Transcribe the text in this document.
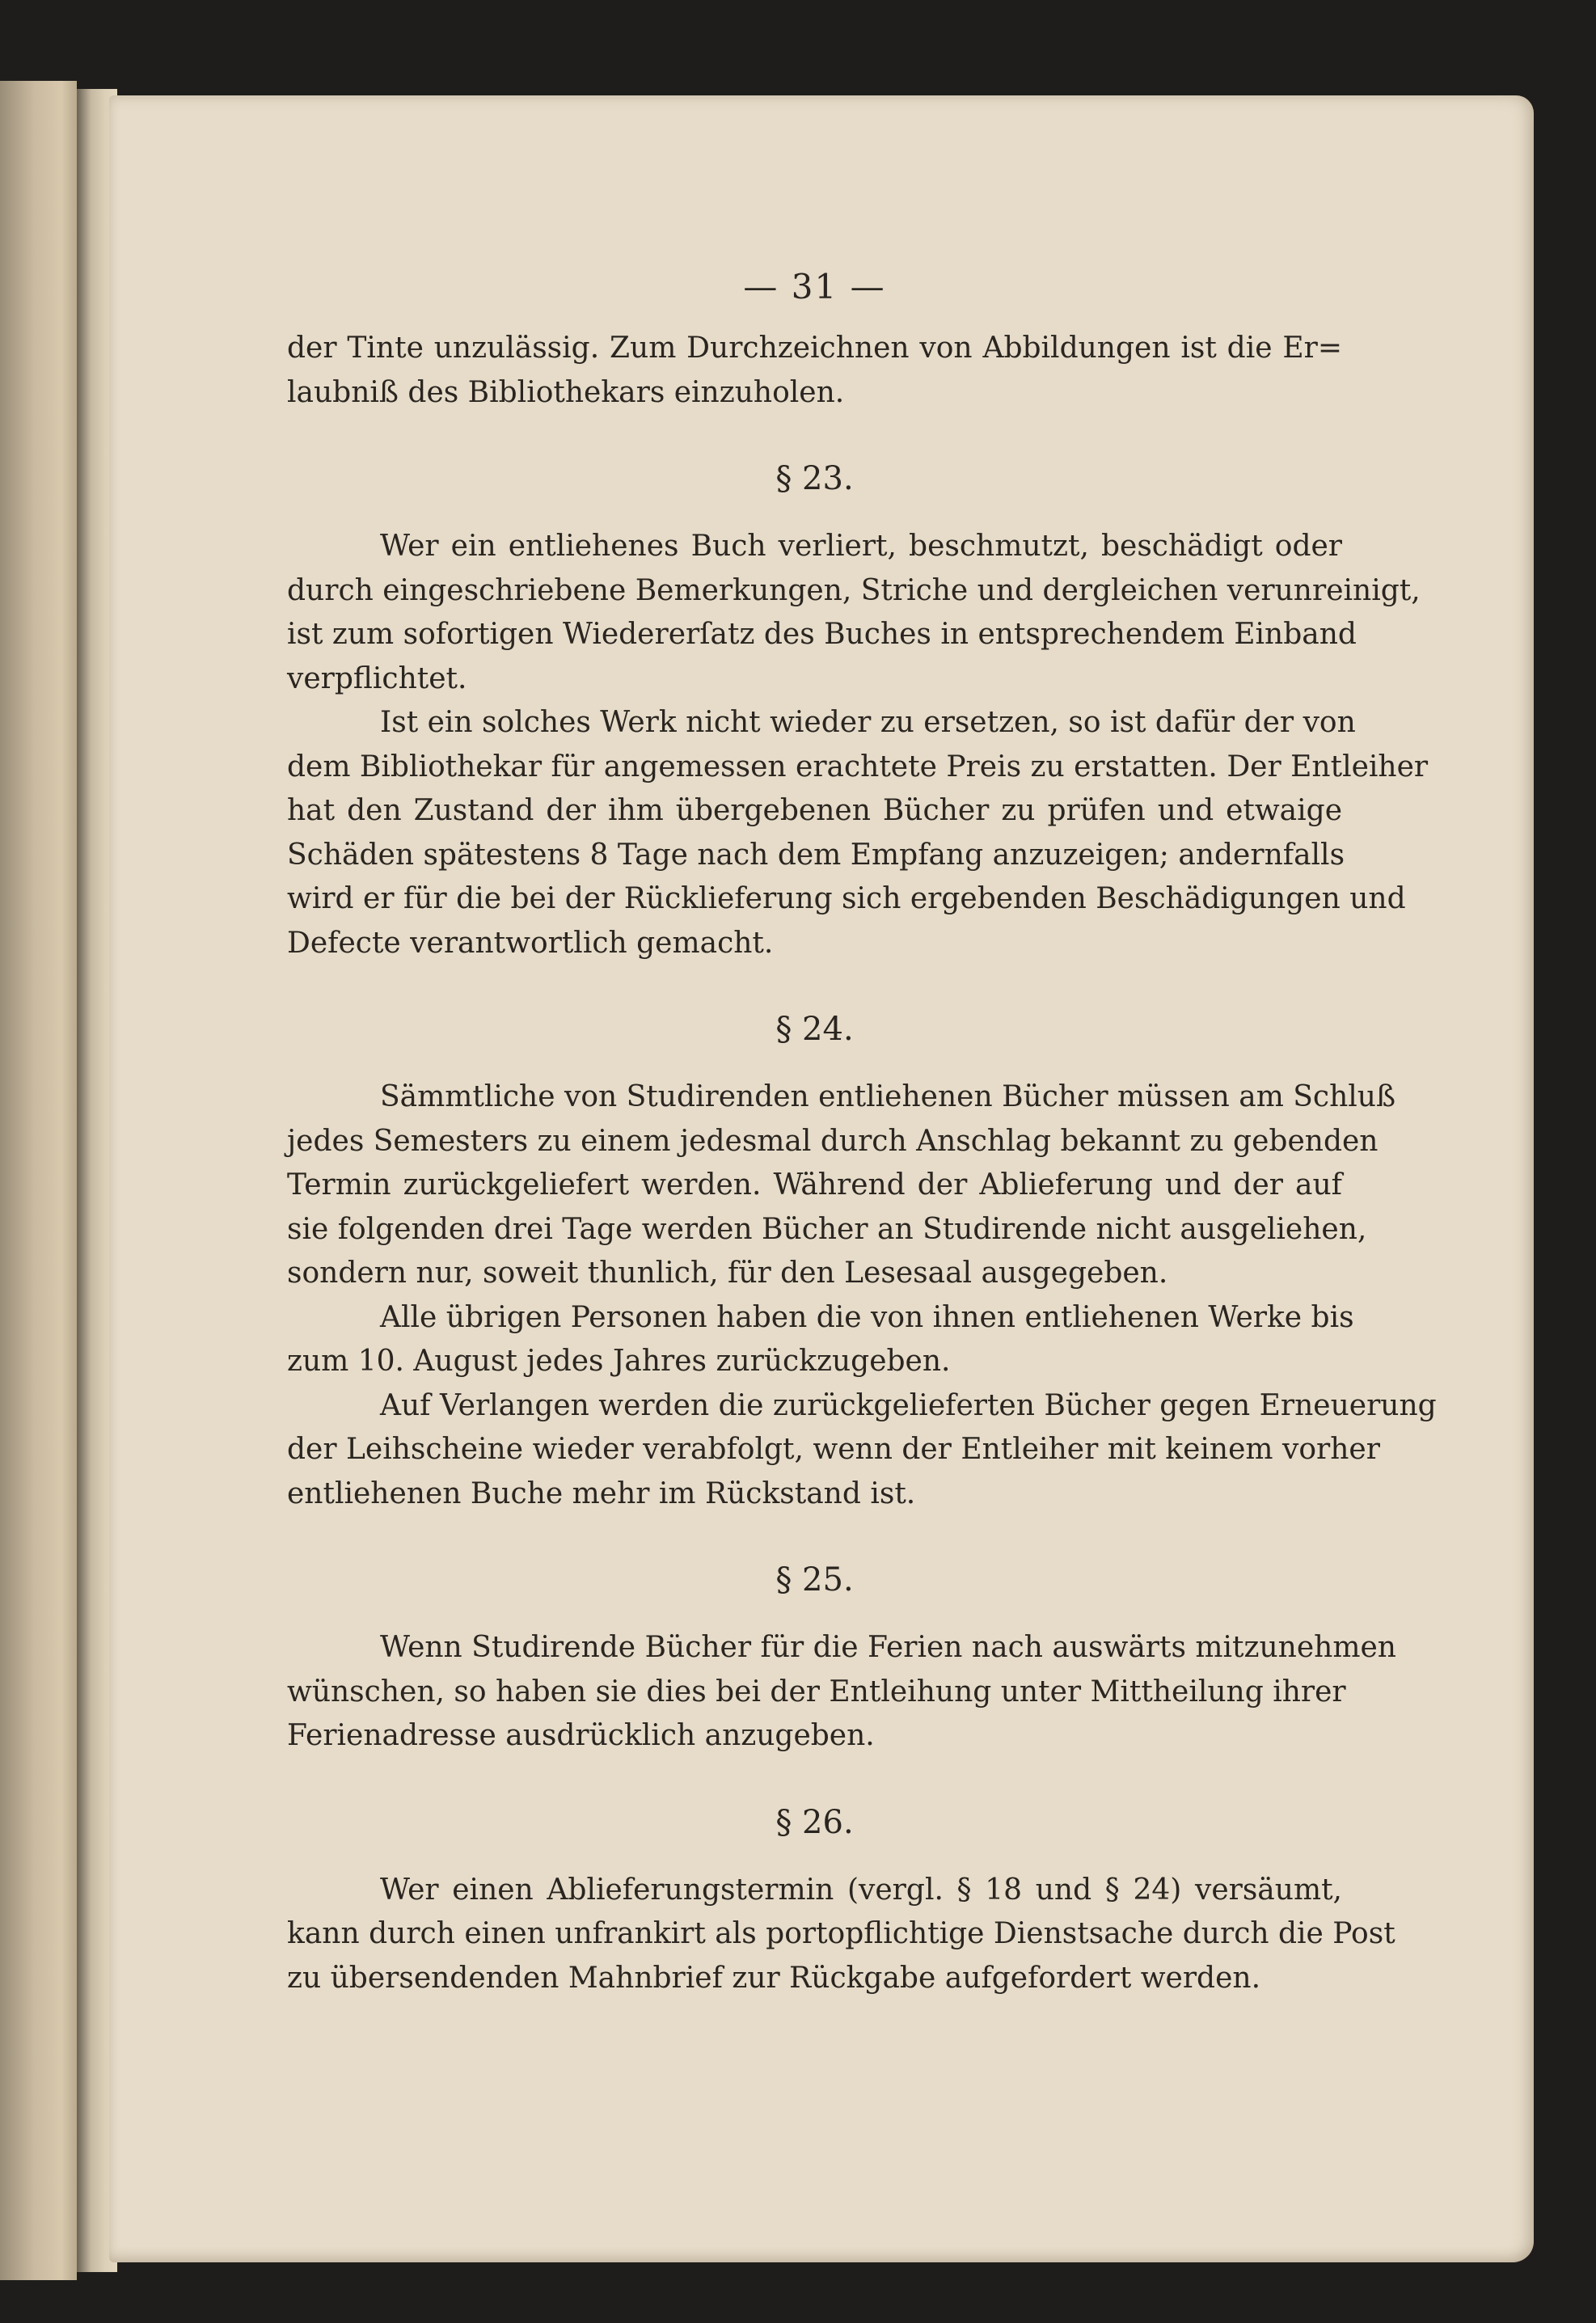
— 31 —

der Tinte unzulässig. Zum Durchzeichnen von Abbildungen ist die Er=
laubniß des Bibliothekars einzuholen.

§ 23.

Wer ein entliehenes Buch verliert, beschmutzt, beschädigt oder
durch eingeschriebene Bemerkungen, Striche und dergleichen verunreinigt,
ist zum sofortigen Wiedererſatz des Buches in entsprechendem Einband
verpflichtet.

Ist ein solches Werk nicht wieder zu ersetzen, so ist dafür der von
dem Bibliothekar für angemessen erachtete Preis zu erstatten. Der Entleiher
hat den Zustand der ihm übergebenen Bücher zu prüfen und etwaige
Schäden spätestens 8 Tage nach dem Empfang anzuzeigen; andernfalls
wird er für die bei der Rücklieferung sich ergebenden Beschädigungen und
Defecte verantwortlich gemacht.

§ 24.

Sämmtliche von Studirenden entliehenen Bücher müssen am Schluß
jedes Semesters zu einem jedesmal durch Anschlag bekannt zu gebenden
Termin zurückgeliefert werden. Während der Ablieferung und der auf
sie folgenden drei Tage werden Bücher an Studirende nicht ausgeliehen,
sondern nur, soweit thunlich, für den Lesesaal ausgegeben.

Alle übrigen Personen haben die von ihnen entliehenen Werke bis
zum 10. August jedes Jahres zurückzugeben.

Auf Verlangen werden die zurückgelieferten Bücher gegen Erneuerung
der Leihscheine wieder verabfolgt, wenn der Entleiher mit keinem vorher
entliehenen Buche mehr im Rückstand ist.

§ 25.

Wenn Studirende Bücher für die Ferien nach auswärts mitzunehmen
wünschen, so haben sie dies bei der Entleihung unter Mittheilung ihrer
Ferienadresse ausdrücklich anzugeben.

§ 26.

Wer einen Ablieferungstermin (vergl. § 18 und § 24) versäumt,
kann durch einen unfrankirt als portopflichtige Dienstsache durch die Post
zu übersendenden Mahnbrief zur Rückgabe aufgefordert werden.
